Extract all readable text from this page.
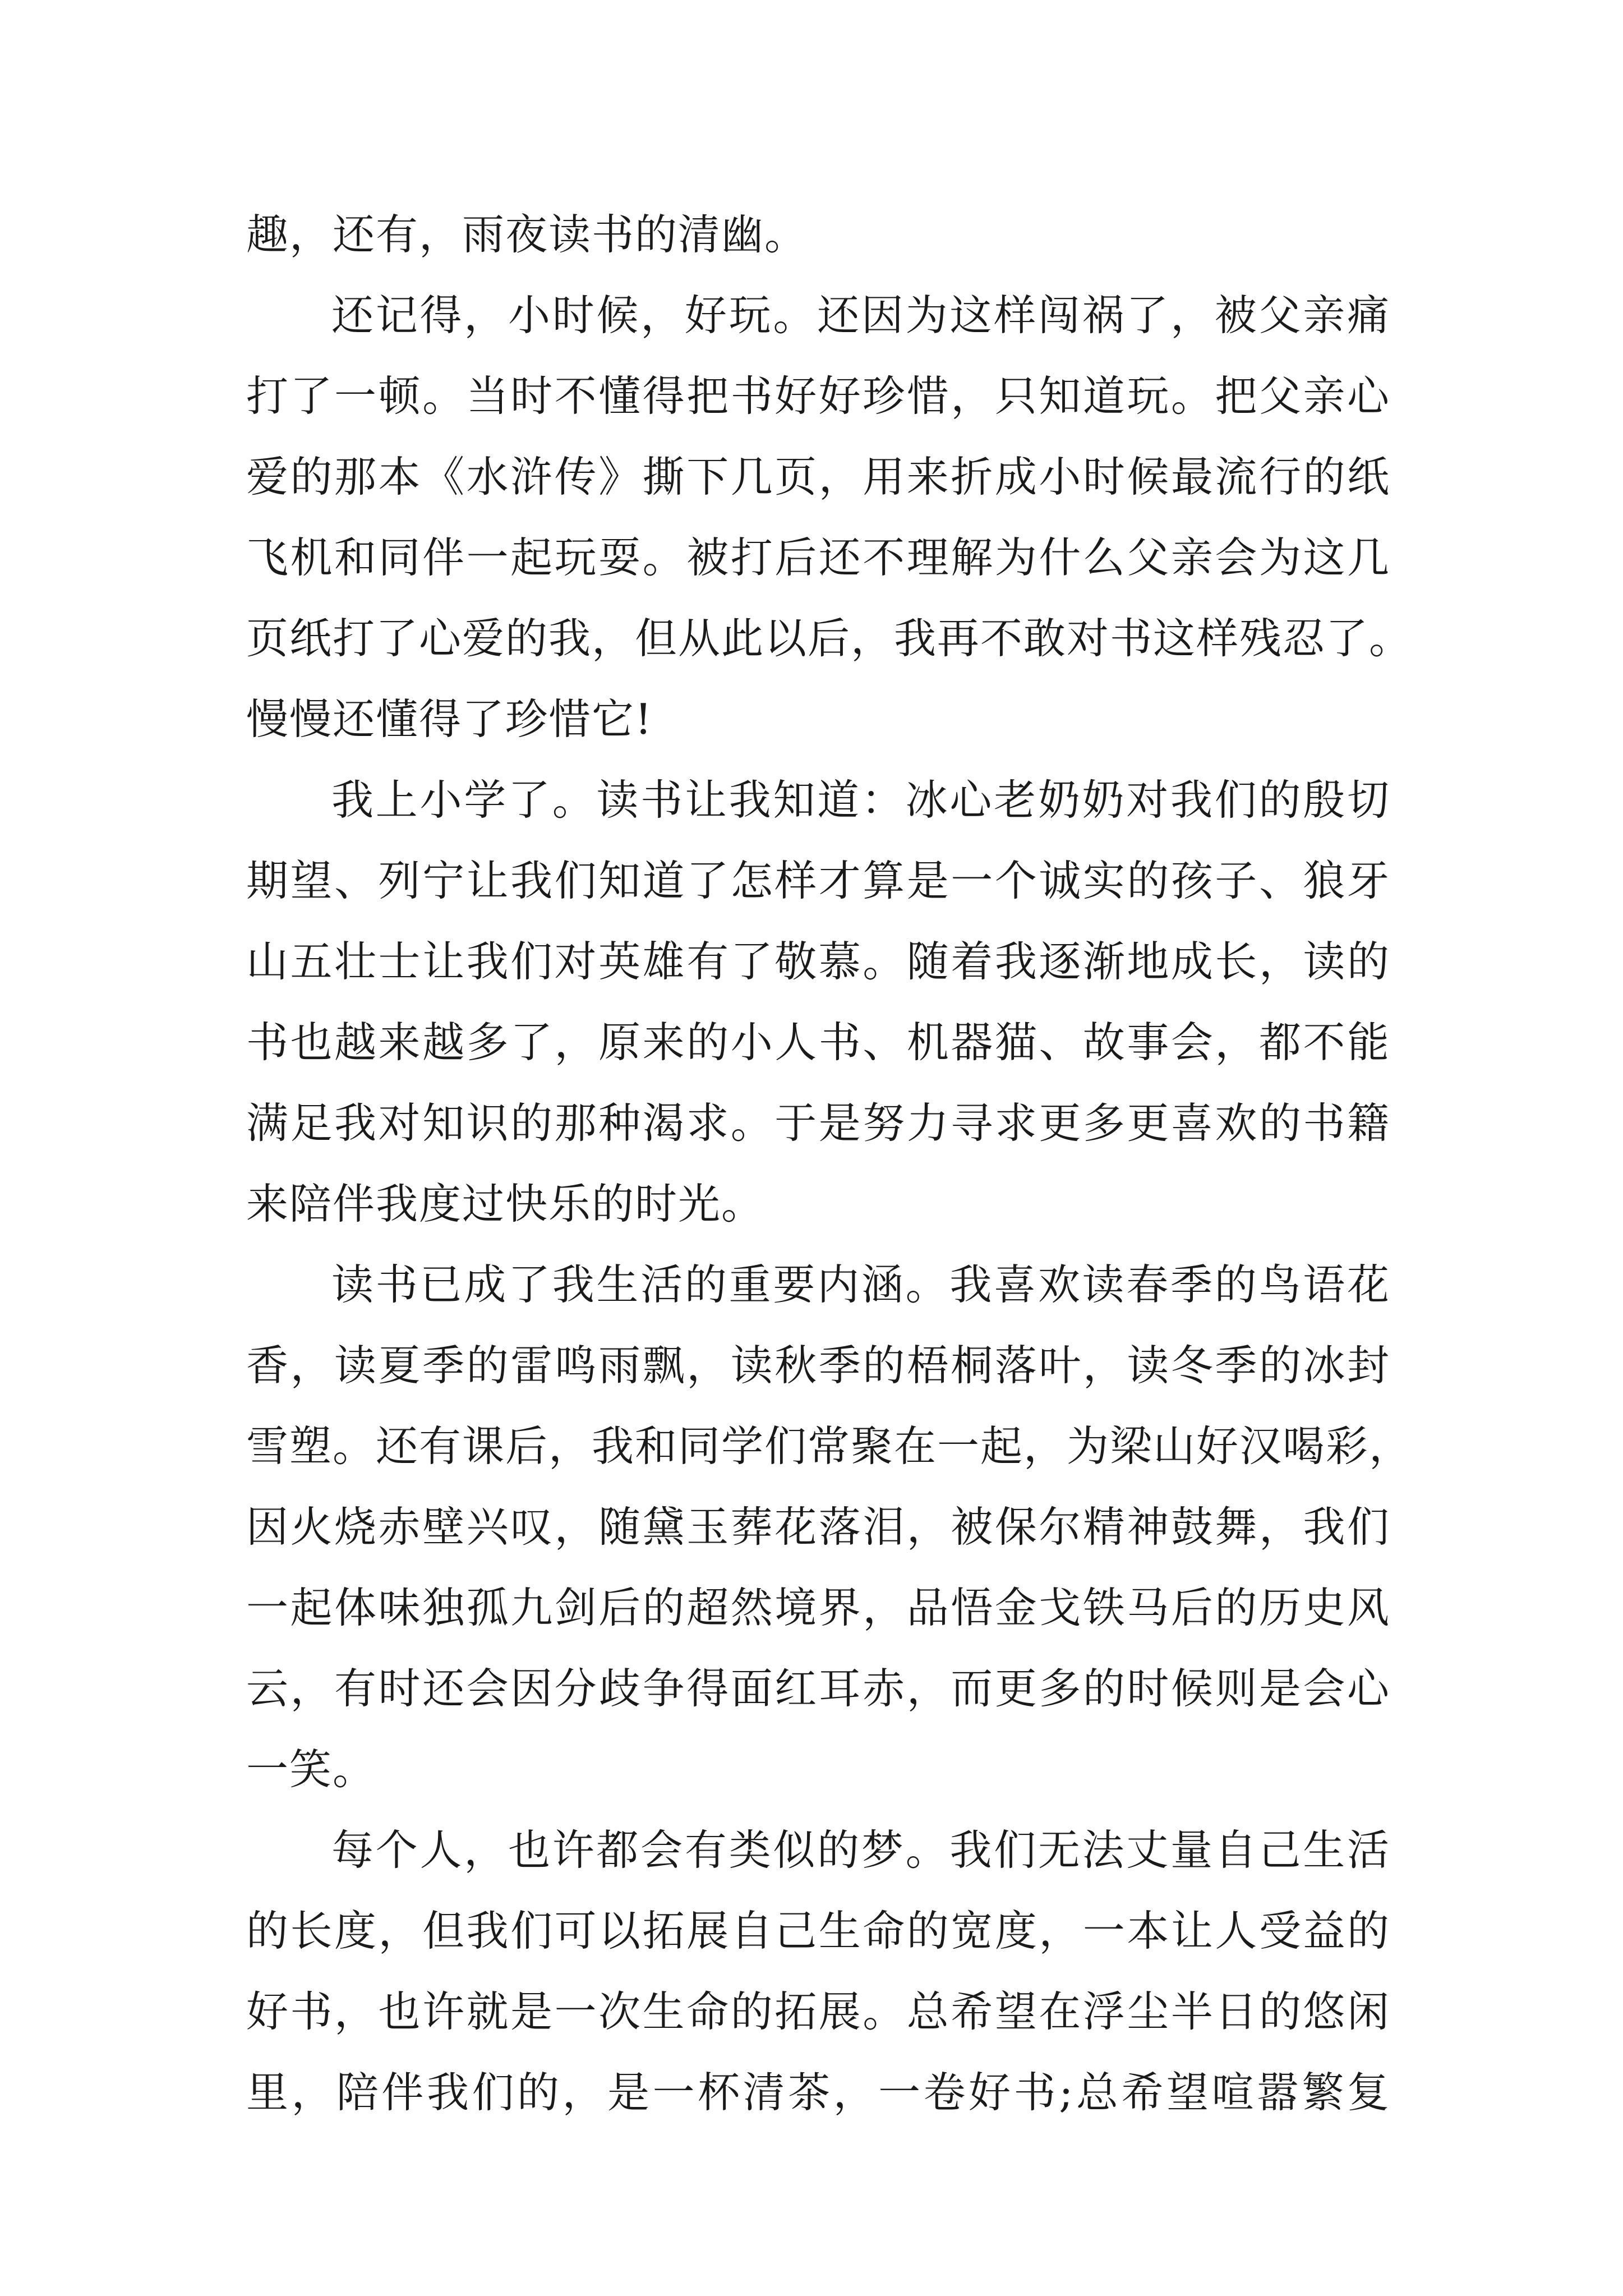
趣，还有，雨夜读书的清幽。
还记得，小时候，好玩。还因为这样闯祸了，被父亲痛
打了一顿。当时不懂得把书好好珍惜，只知道玩。把父亲心
爱的那本《水浒传》撕下几页，用来折成小时候最流行的纸
飞机和同伴一起玩耍。被打后还不理解为什么父亲会为这几
页纸打了心爱的我，但从此以后，我再不敢对书这样残忍了。
慢慢还懂得了珍惜它!
我上小学了。读书让我知道：冰心老奶奶对我们的殷切
期望、列宁让我们知道了怎样才算是一个诚实的孩子、狼牙
山五壮士让我们对英雄有了敬慕。随着我逐渐地成长，读的
书也越来越多了，原来的小人书、机器猫、故事会，都不能
满足我对知识的那种渴求。于是努力寻求更多更喜欢的书籍
来陪伴我度过快乐的时光。
读书已成了我生活的重要内涵。我喜欢读春季的鸟语花
香，读夏季的雷鸣雨飘，读秋季的梧桐落叶，读冬季的冰封
雪塑。还有课后，我和同学们常聚在一起，为梁山好汉喝彩，
因火烧赤壁兴叹，随黛玉葬花落泪，被保尔精神鼓舞，我们
一起体味独孤九剑后的超然境界，品悟金戈铁马后的历史风
云，有时还会因分歧争得面红耳赤，而更多的时候则是会心
一笑。
每个人，也许都会有类似的梦。我们无法丈量自己生活
的长度，但我们可以拓展自己生命的宽度，一本让人受益的
好书，也许就是一次生命的拓展。总希望在浮尘半日的悠闲
里，陪伴我们的，是一杯清茶，一卷好书;总希望喧嚣繁复
